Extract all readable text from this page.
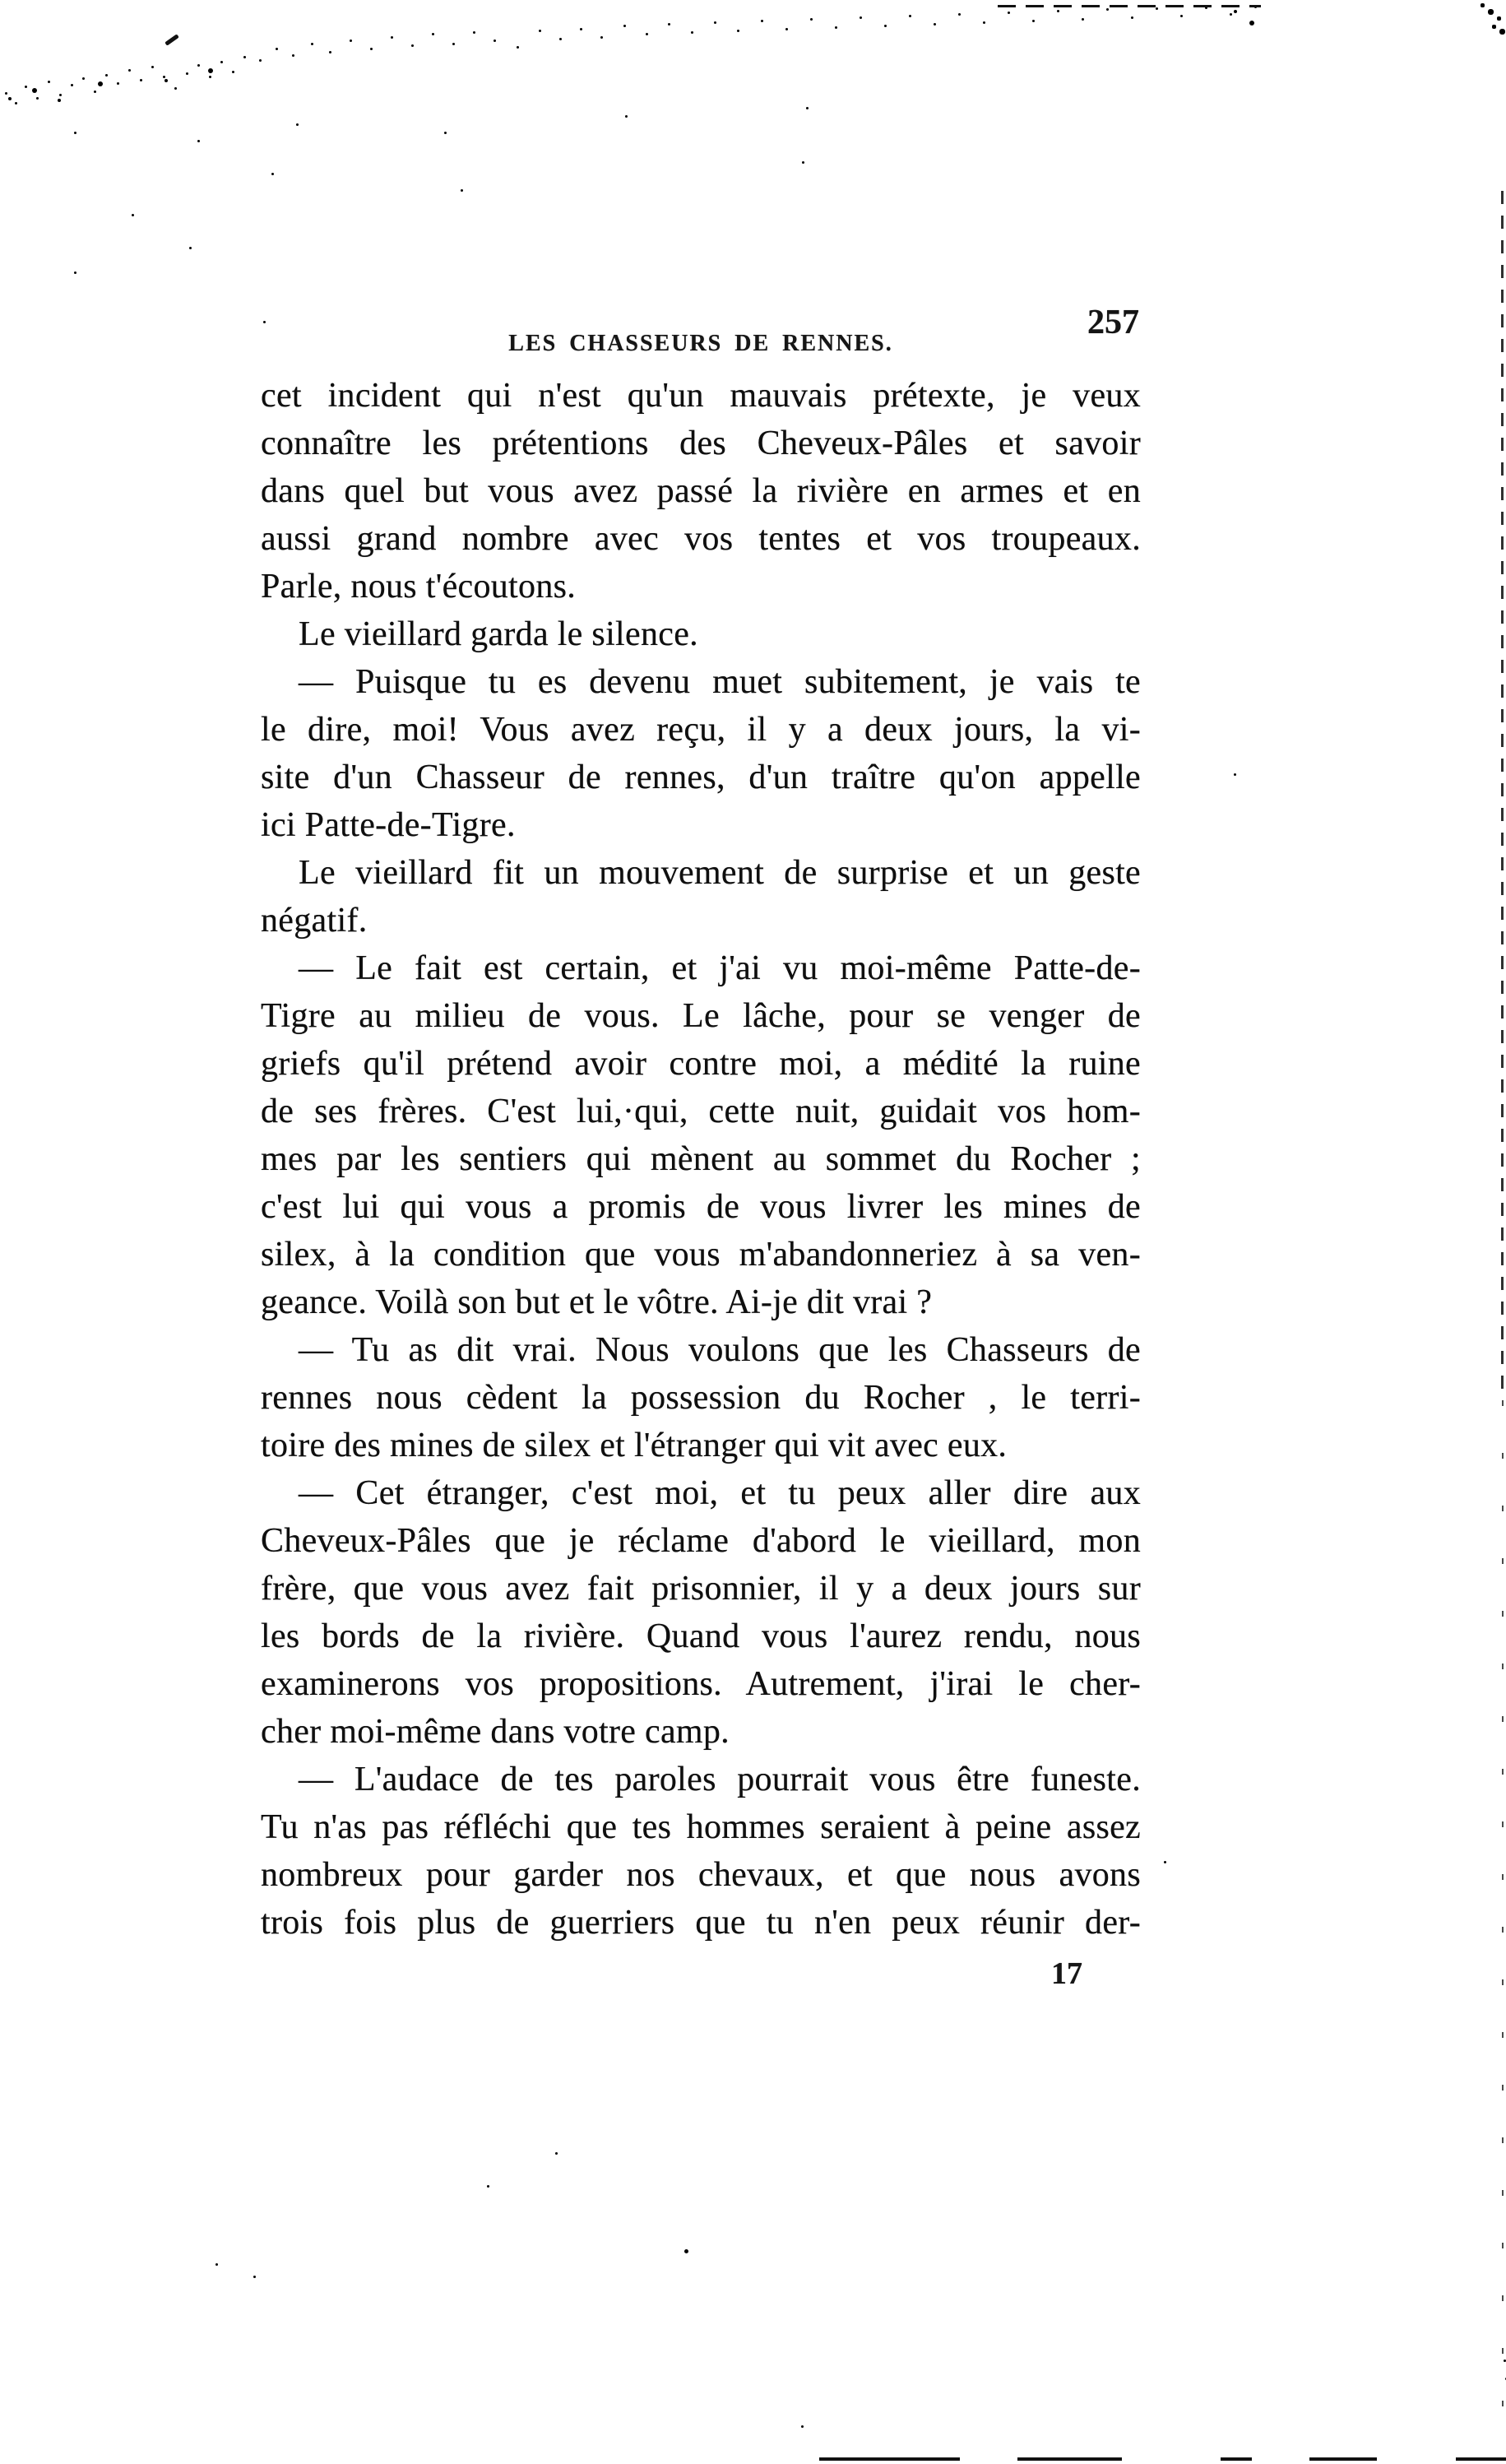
LES CHASSEURS DE RENNES.
257
cet incident qui n'est qu'un mauvais prétexte, je veux
connaître les prétentions des Cheveux-Pâles et savoir
dans quel but vous avez passé la rivière en armes et en
aussi grand nombre avec vos tentes et vos troupeaux.
Parle, nous t'écoutons.
Le vieillard garda le silence.
— Puisque tu es devenu muet subitement, je vais te
le dire, moi! Vous avez reçu, il y a deux jours, la vi-
site d'un Chasseur de rennes, d'un traître qu'on appelle
ici Patte-de-Tigre.
Le vieillard fit un mouvement de surprise et un geste
négatif.
— Le fait est certain, et j'ai vu moi-même Patte-de-
Tigre au milieu de vous. Le lâche, pour se venger de
griefs qu'il prétend avoir contre moi, a médité la ruine
de ses frères. C'est lui,·qui, cette nuit, guidait vos hom-
mes par les sentiers qui mènent au sommet du Rocher ;
c'est lui qui vous a promis de vous livrer les mines de
silex, à la condition que vous m'abandonneriez à sa ven-
geance. Voilà son but et le vôtre. Ai-je dit vrai ?
— Tu as dit vrai. Nous voulons que les Chasseurs de
rennes nous cèdent la possession du Rocher , le terri-
toire des mines de silex et l'étranger qui vit avec eux.
— Cet étranger, c'est moi, et tu peux aller dire aux
Cheveux-Pâles que je réclame d'abord le vieillard, mon
frère, que vous avez fait prisonnier, il y a deux jours sur
les bords de la rivière. Quand vous l'aurez rendu, nous
examinerons vos propositions. Autrement, j'irai le cher-
cher moi-même dans votre camp.
— L'audace de tes paroles pourrait vous être funeste.
Tu n'as pas réfléchi que tes hommes seraient à peine assez
nombreux pour garder nos chevaux, et que nous avons
trois fois plus de guerriers que tu n'en peux réunir der-
17
